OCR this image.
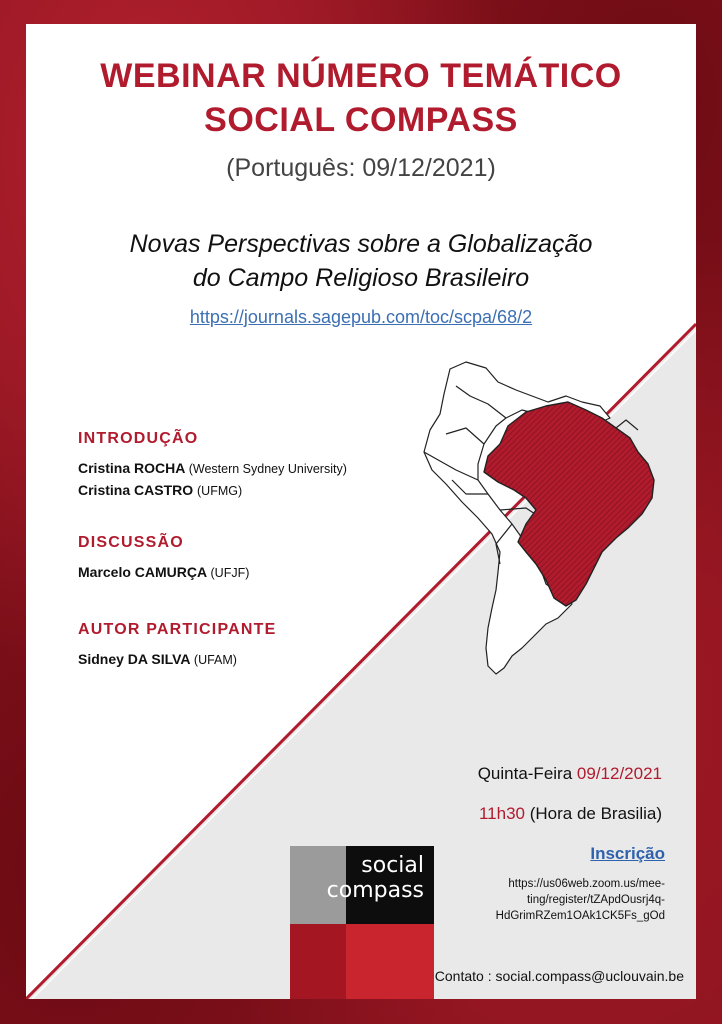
WEBINAR NÚMERO TEMÁTICO

SOCIAL COMPASS

(Português: 09/12/2021)

Novas Perspectivas sobre a Globalização

do Campo Religioso Brasileiro

https://journals.sagepub.com/toc/scpa/68/2

INTRODUÇÃO

Cristina ROCHA (Western Sydney University)

Cristina CASTRO (UFMG)

DISCUSSÃO

Marcelo CAMURÇA (UFJF)

AUTOR PARTICIPANTE

Sidney DA SILVA (UFAM)

Quinta-Feira 09/12/2021

11h30 (Hora de Brasilia)

Inscrição

https://us06web.zoom.us/mee-
ting/register/tZApdOusrj4q-
HdGrimRZem1OAk1CK5Fs_gOd
social
compass

Contato : social.compass@uclouvain.be
